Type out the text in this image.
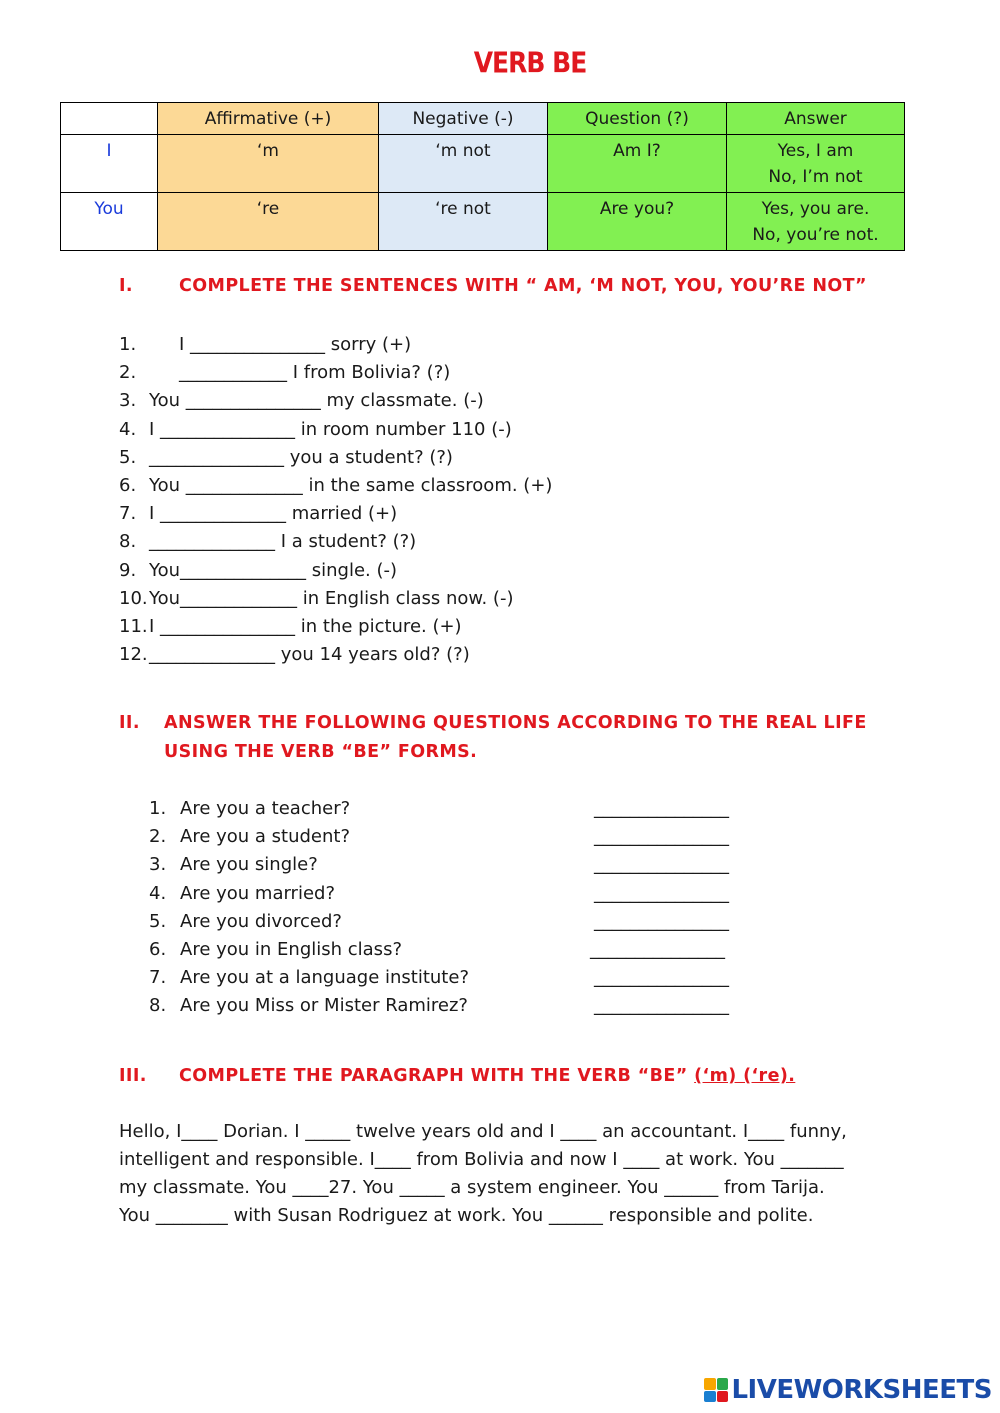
VERB BE
	Affirmative (+)	Negative (-)	Question (?)	Answer
I	‘m	‘m not	Am I?	Yes, I am
No, I’m not

You	‘re	‘re not	Are you?	Yes, you are.
No, you’re not.
I.	COMPLETE THE SENTENCES WITH “ AM, ‘M NOT, YOU, YOU’RE NOT”
1. I _______________ sorry (+)
2. ____________ I from Bolivia? (?)
3. You _______________ my classmate. (-)
4. I _______________ in room number 110 (-)
5. _______________ you a student? (?)
6. You _____________ in the same classroom. (+)
7. I ______________ married (+)
8. ______________ I a student? (?)
9. You______________ single. (-)
10. You_____________ in English class now. (-)
11. I _______________ in the picture. (+)
12. ______________ you 14 years old? (?)
II. ANSWER THE FOLLOWING QUESTIONS ACCORDING TO THE REAL LIFE
USING THE VERB “BE” FORMS.
1. Are you a teacher?	_______________
2. Are you a student?	_______________
3. Are you single?	_______________
4. Are you married?	_______________
5. Are you divorced?	_______________
6. Are you in English class?	_______________
7. Are you at a language institute?	_______________
8. Are you Miss or Mister Ramirez?	_______________
III. COMPLETE THE PARAGRAPH WITH THE VERB “BE” (‘m) (‘re).
Hello, I____ Dorian. I _____ twelve years old and I ____ an accountant. I____ funny,
intelligent and responsible. I____ from Bolivia and now I ____ at work. You _______
my classmate. You ____27. You _____ a system engineer. You ______ from Tarija.
You ________ with Susan Rodriguez at work. You ______ responsible and polite.
LIVEWORKSHEETS
